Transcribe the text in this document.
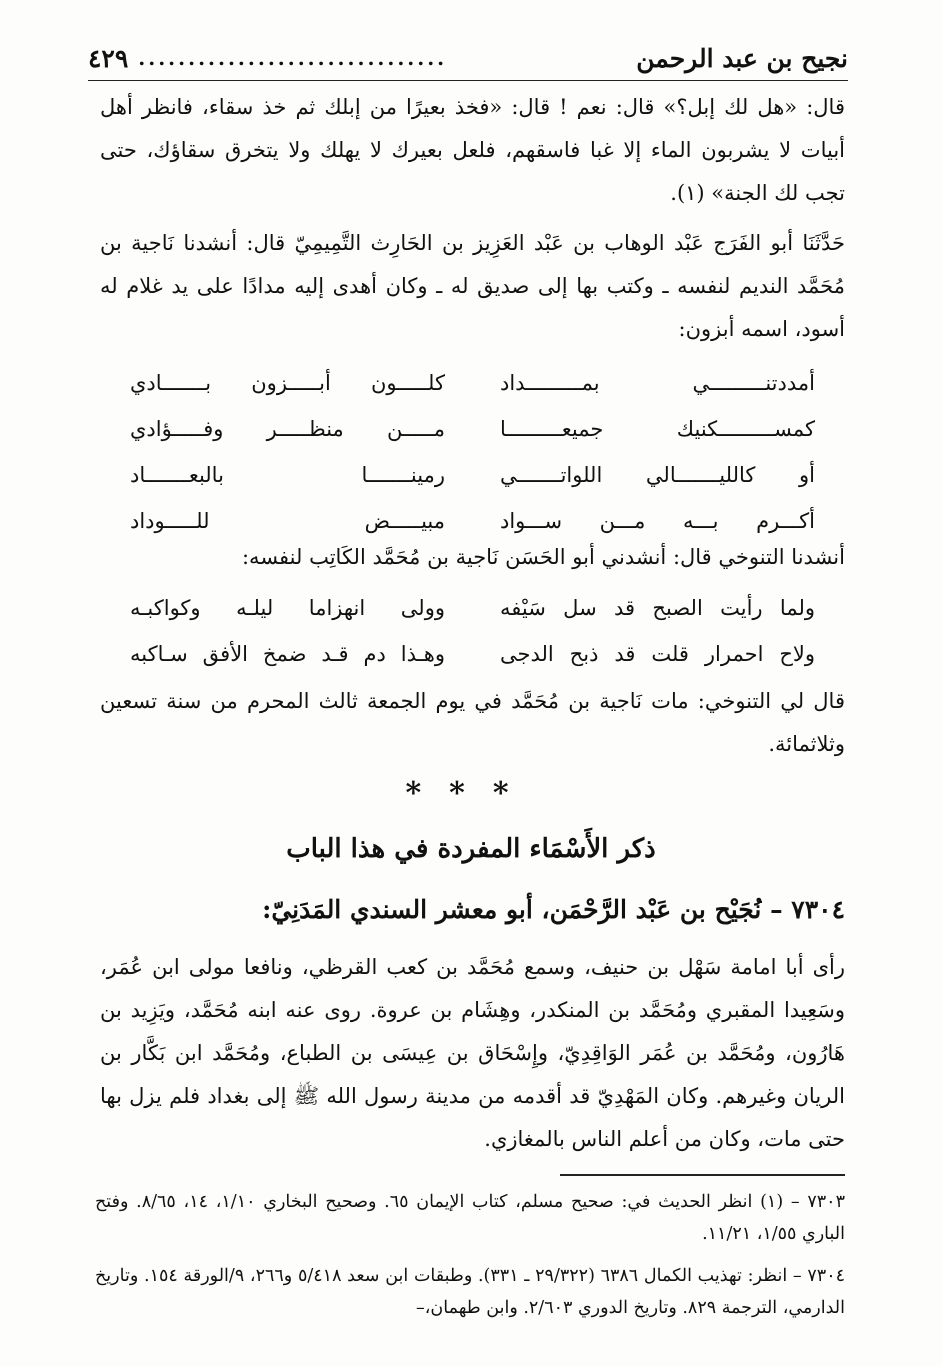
٤٢٩ ...............................	نجيح بن عبد الرحمن
قال: «هل لك إبل؟» قال: نعم ! قال: «فخذ بعيرًا من إبلك ثم خذ سقاء، فانظر أهل أبيات لا يشربون الماء إلا غبا فاسقهم، فلعل بعيرك لا يهلك ولا يتخرق سقاؤك، حتى تجب لك الجنة» (١).
حَدَّثَنَا أبو الفَرَج عَبْد الوهاب بن عَبْد العَزِيز بن الحَارِث التَّمِيمِيّ قال: أنشدنا نَاجية بن مُحَمَّد النديم لنفسه ـ وكتب بها إلى صديق له ـ وكان أهدى إليه مدادًا على يد غلام له أسود، اسمه أبزون:
أمددتنـــــــــي بمـــــــــداد
كلـــــون أبـــــزون بـــــــادي
كمســـــــــكنيك جميعـــــــــا
مـــــن منظـــــر وفـــــؤادي
أو كالليـــــــالي اللواتـــــــي
رمينـــــــا بالبعـــــــاد
أكـــرم بـــه مـــن ســـواد
مبيـــــض للـــــوداد
أنشدنا التنوخي قال: أنشدني أبو الحَسَن نَاجية بن مُحَمَّد الكَاتِب لنفسه:
ولما رأيت الصبح قد سل سَيْفه
وولى انهزاما ليلـه وكواكبـه
ولاح احمرار قلت قد ذبح الدجى
وهـذا دم قـد ضمخ الأفق سـاكبه
قال لي التنوخي: مات نَاجية بن مُحَمَّد في يوم الجمعة ثالث المحرم من سنة تسعين وثلاثمائة.
***
ذكر الأَسْمَاء المفردة في هذا الباب
٧٣٠٤ – نُجَيْح بن عَبْد الرَّحْمَن، أبو معشر السندي المَدَنِيّ:
رأى أبا امامة سَهْل بن حنيف، وسمع مُحَمَّد بن كعب القرظي، ونافعا مولى ابن عُمَر، وسَعِيدا المقبري ومُحَمَّد بن المنكدر، وهِشَام بن عروة. روى عنه ابنه مُحَمَّد، ويَزِيد بن هَارُون، ومُحَمَّد بن عُمَر الوَاقِدِيّ، وإِسْحَاق بن عِيسَى بن الطباع، ومُحَمَّد ابن بَكَّار بن الريان وغيرهم. وكان المَهْدِيّ قد أقدمه من مدينة رسول الله ﷺ إلى بغداد فلم يزل بها حتى مات، وكان من أعلم الناس بالمغازي.
٧٣٠٣ – (١) انظر الحديث في: صحيح مسلم، كتاب الإيمان ٦٥. وصحيح البخاري ١/١٠، ١٤، ٨/٦٥. وفتح الباري ١/٥٥، ١١/٢١.
٧٣٠٤ – انظر: تهذيب الكمال ٦٣٨٦ (٢٩/٣٢٢ ـ ٣٣١). وطبقات ابن سعد ٥/٤١٨ و٢٦٦، ٩/الورقة ١٥٤. وتاريخ الدارمي، الترجمة ٨٢٩. وتاريخ الدوري ٢/٦٠٣. وابن طهمان،–
